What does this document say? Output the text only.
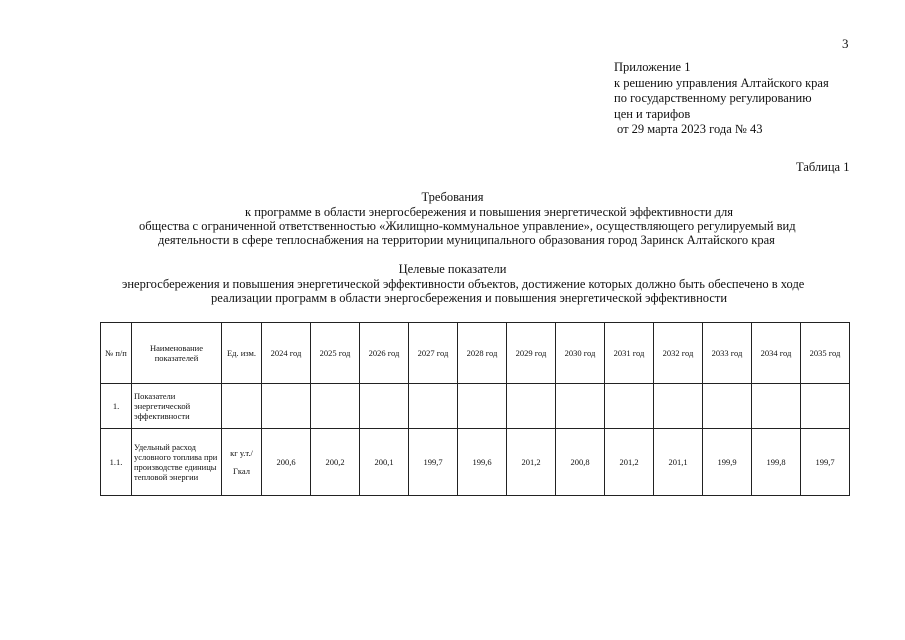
3
Приложение 1
к решению управления Алтайского края
по государственному регулированию
цен и тарифов
от 29 марта 2023 года № 43
Таблица 1
Требования
к программе в области энергосбережения и повышения энергетической эффективности для
общества с ограниченной ответственностью «Жилищно-коммунальное управление», осуществляющего регулируемый вид
деятельности в сфере теплоснабжения на территории муниципального образования город Заринск Алтайского края
Целевые показатели
энергосбережения и повышения энергетической эффективности объектов, достижение которых должно быть обеспечено в ходе
реализации программ в области энергосбережения и повышения энергетической эффективности
№ п/п	Наименование показателей	Ед. изм.	2024 год	2025 год	2026 год	2027 год	2028 год	2029 год	2030 год	2031 год	2032 год	2033 год	2034 год	2035 год
1.	Показатели энергетической эффективности													
1.1.	Удельный расход условного топлива при производстве единицы тепловой энергии	кг у.т./
Гкал	200,6	200,2	200,1	199,7	199,6	201,2	200,8	201,2	201,1	199,9	199,8	199,7
